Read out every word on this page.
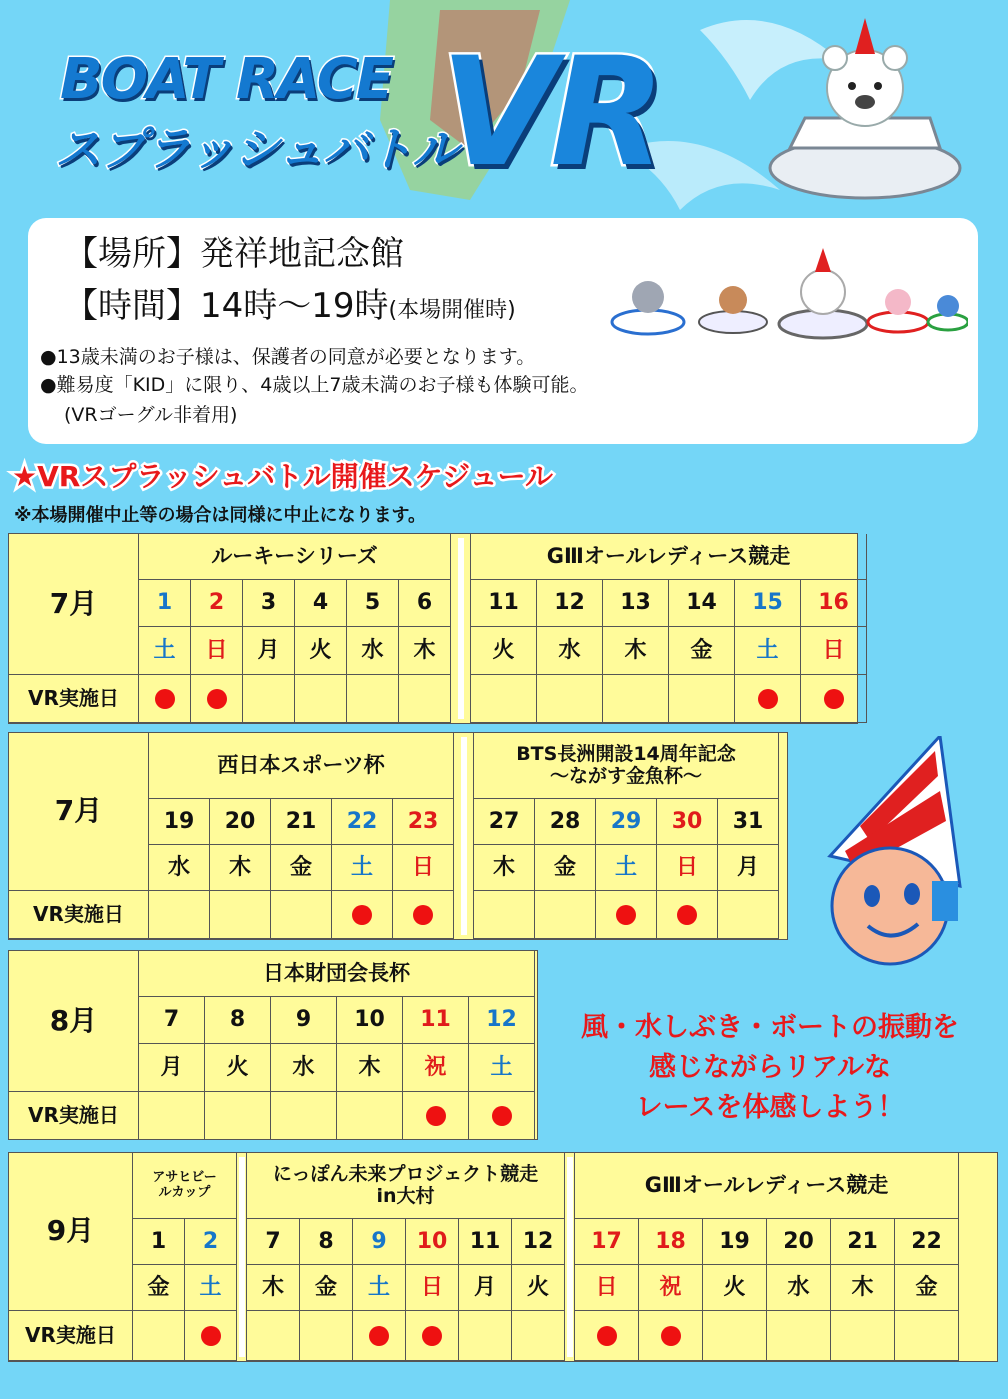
BOAT RACE
スプラッシュバトル
VR
【場所】発祥地記念館
【時間】14時～19時(本場開催時)
●13歳未満のお子様は、保護者の同意が必要となります。
●難易度「KID」に限り、4歳以上7歳未満のお子様も体験可能。
(VRゴーグル非着用)
★VRスプラッシュバトル開催スケジュール
※本場開催中止等の場合は同様に中止になります。
7月
VR実施日
ルーキーシリーズ
1
土
2
日
3
月
4
火
5
水
6
木
GⅢオールレディース競走
11
火
12
水
13
木
14
金
15
土
16
日
7月
VR実施日
西日本スポーツ杯
19
水
20
木
21
金
22
土
23
日
BTS長洲開設14周年記念
～ながす金魚杯～
27
木
28
金
29
土
30
日
31
月
8月
VR実施日
日本財団会長杯
7
月
8
火
9
水
10
木
11
祝
12
土
9月
VR実施日
アサヒビー
ルカップ
1
金
2
土
にっぽん未来プロジェクト競走
in大村
7
木
8
金
9
土
10
日
11
月
12
火
GⅢオールレディース競走
17
日
18
祝
19
火
20
水
21
木
22
金
風・水しぶき・ボートの振動を
感じながらリアルな
レースを体感しよう！
